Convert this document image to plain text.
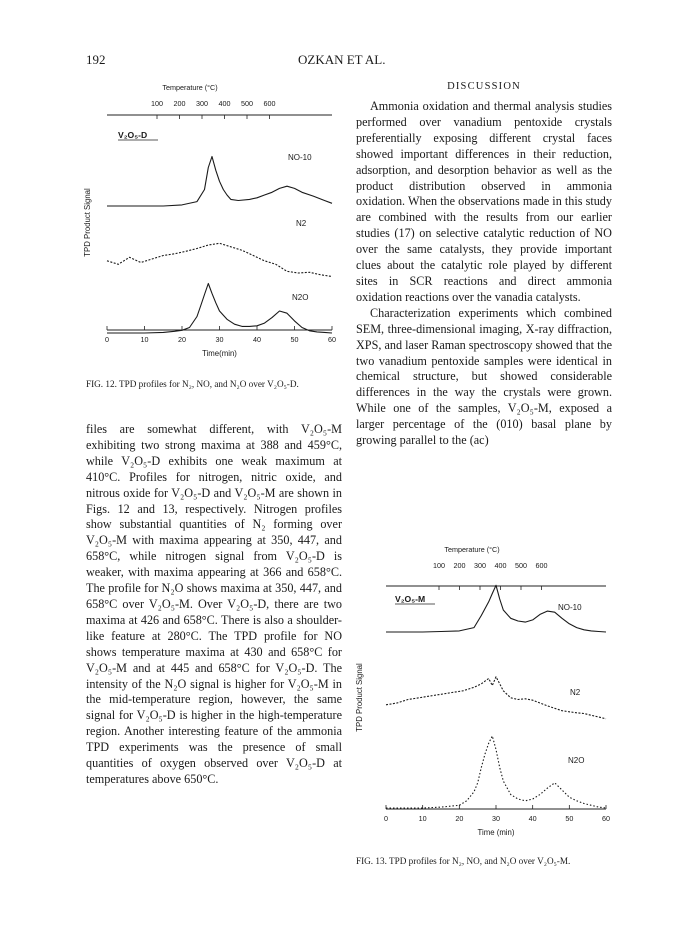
192	OZKAN ET AL.
Temperature (°C)
100 200 300 400 500 600
0	10	20	30	40	50	60
Time(min)
TPD Product Signal
V₂O₅-D
NO-10
N2
N2O
FIG. 12. TPD profiles for N₂, NO, and N₂O over V₂O₅-D.

files are somewhat different, with V₂O₅-M exhibiting two strong maxima at 388 and 459°C, while V₂O₅-D exhibits one weak maximum at 410°C. Profiles for nitrogen, nitric oxide, and nitrous oxide for V₂O₅-D and V₂O₅-M are shown in Figs. 12 and 13, respectively. Nitrogen profiles show substantial quantities of N₂ forming over V₂O₅-M with maxima appearing at 350, 447, and 658°C, while nitrogen signal from V₂O₅-D is weaker, with maxima appearing at 366 and 658°C. The profile for N₂O shows maxima at 350, 447, and 658°C over V₂O₅-M. Over V₂O₅-D, there are two maxima at 426 and 658°C. There is also a shoulder-like feature at 280°C. The TPD profile for NO shows temperature maxima at 430 and 658°C for V₂O₅-M and at 445 and 658°C for V₂O₅-D. The intensity of the N₂O signal is higher for V₂O₅-M in the mid-temperature region, however, the same signal for V₂O₅-D is higher in the high-temperature region. Another interesting feature of the ammonia TPD experiments was the presence of small quantities of oxygen observed over V₂O₅-D at temperatures above 650°C.

DISCUSSION

Ammonia oxidation and thermal analysis studies performed over vanadium pentoxide crystals preferentially exposing different crystal faces showed important differences in their reduction, adsorption, and desorption behavior as well as the product distribution observed in ammonia oxidation. When the observations made in this study are combined with the results from our earlier studies (17) on selective catalytic reduction of NO over the same catalysts, they provide important clues about the catalytic role played by different sites in SCR reactions and direct ammonia oxidation reactions over the vanadia catalysts.

Characterization experiments which combined SEM, three-dimensional imaging, X-ray diffraction, XPS, and laser Raman spectroscopy showed that the two vanadium pentoxide samples were identical in chemical structure, but showed considerable differences in the way the crystals were grown. While one of the samples, V₂O₅-M, exposed a larger percentage of the (010) basal plane by growing parallel to the (ac)

Temperature (°C)
100 200 300 400 500 600
0	10	20	30	40	50	60
Time (min)
TPD Product Signal
V₂O₅-M
NO-10
N2
N2O
FIG. 13. TPD profiles for N₂, NO, and N₂O over V₂O₅-M.
